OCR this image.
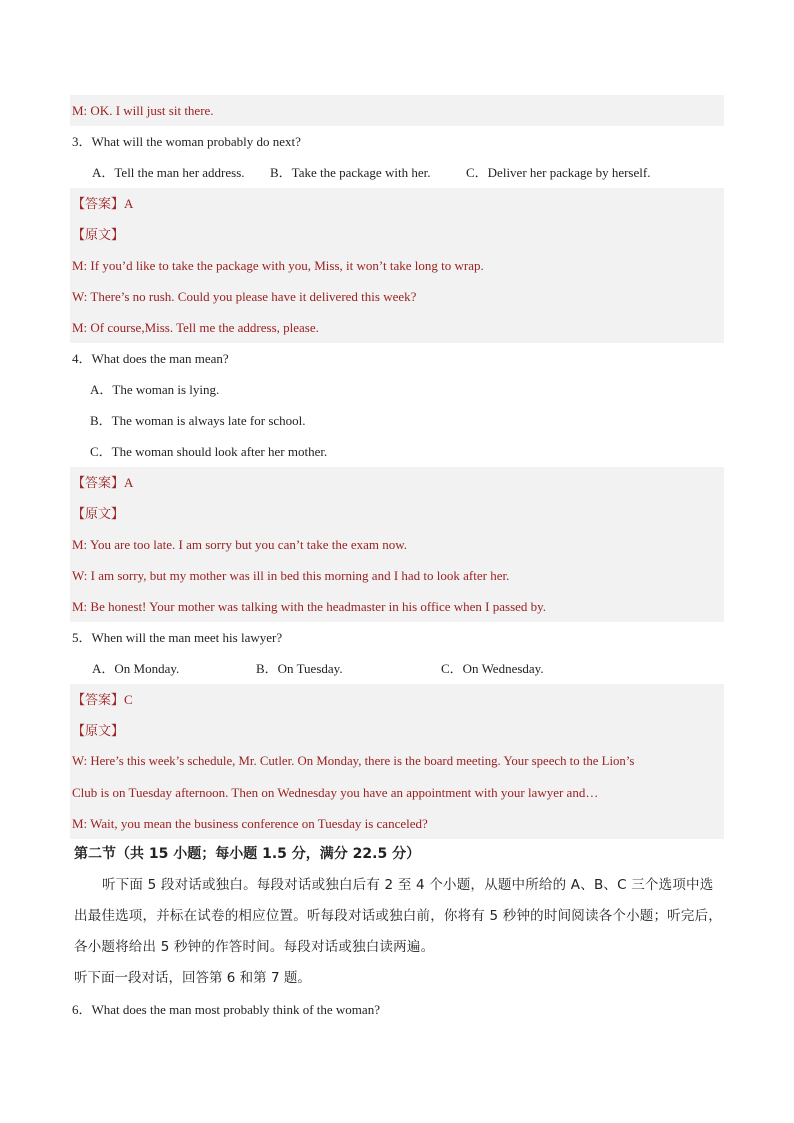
M: OK. I will just sit there.
3．What will the woman probably do next?
A．Tell the man her address. B．Take the package with her.	C．Deliver her package by herself.
【答案】A
【原文】
M: If you’d like to take the package with you, Miss, it won’t take long to wrap.
W: There’s no rush. Could you please have it delivered this week?
M: Of course,Miss. Tell me the address, please.
4．What does the man mean?
A．The woman is lying.
B．The woman is always late for school.
C．The woman should look after her mother.
【答案】A
【原文】
M: You are too late. I am sorry but you can’t take the exam now.
W: I am sorry, but my mother was ill in bed this morning and I had to look after her.
M: Be honest! Your mother was talking with the headmaster in his office when I passed by.
5．When will the man meet his lawyer?
A．On Monday.	B．On Tuesday.	C．On Wednesday.
【答案】C
【原文】
W: Here’s this week’s schedule, Mr. Cutler. On Monday, there is the board meeting. Your speech to the Lion’s
Club is on Tuesday afternoon. Then on Wednesday you have an appointment with your lawyer and…
M: Wait, you mean the business conference on Tuesday is canceled?
第二节（共 15 小题；每小题 1.5 分，满分 22.5 分）
听下面 5 段对话或独白。每段对话或独白后有 2 至 4 个小题，从题中所给的 A、B、C 三个选项中选出最佳选项，并标在试卷的相应位置。听每段对话或独白前，你将有 5 秒钟的时间阅读各个小题；听完后，各小题将给出 5 秒钟的作答时间。每段对话或独白读两遍。
听下面一段对话，回答第 6 和第 7 题。
6．What does the man most probably think of the woman?
